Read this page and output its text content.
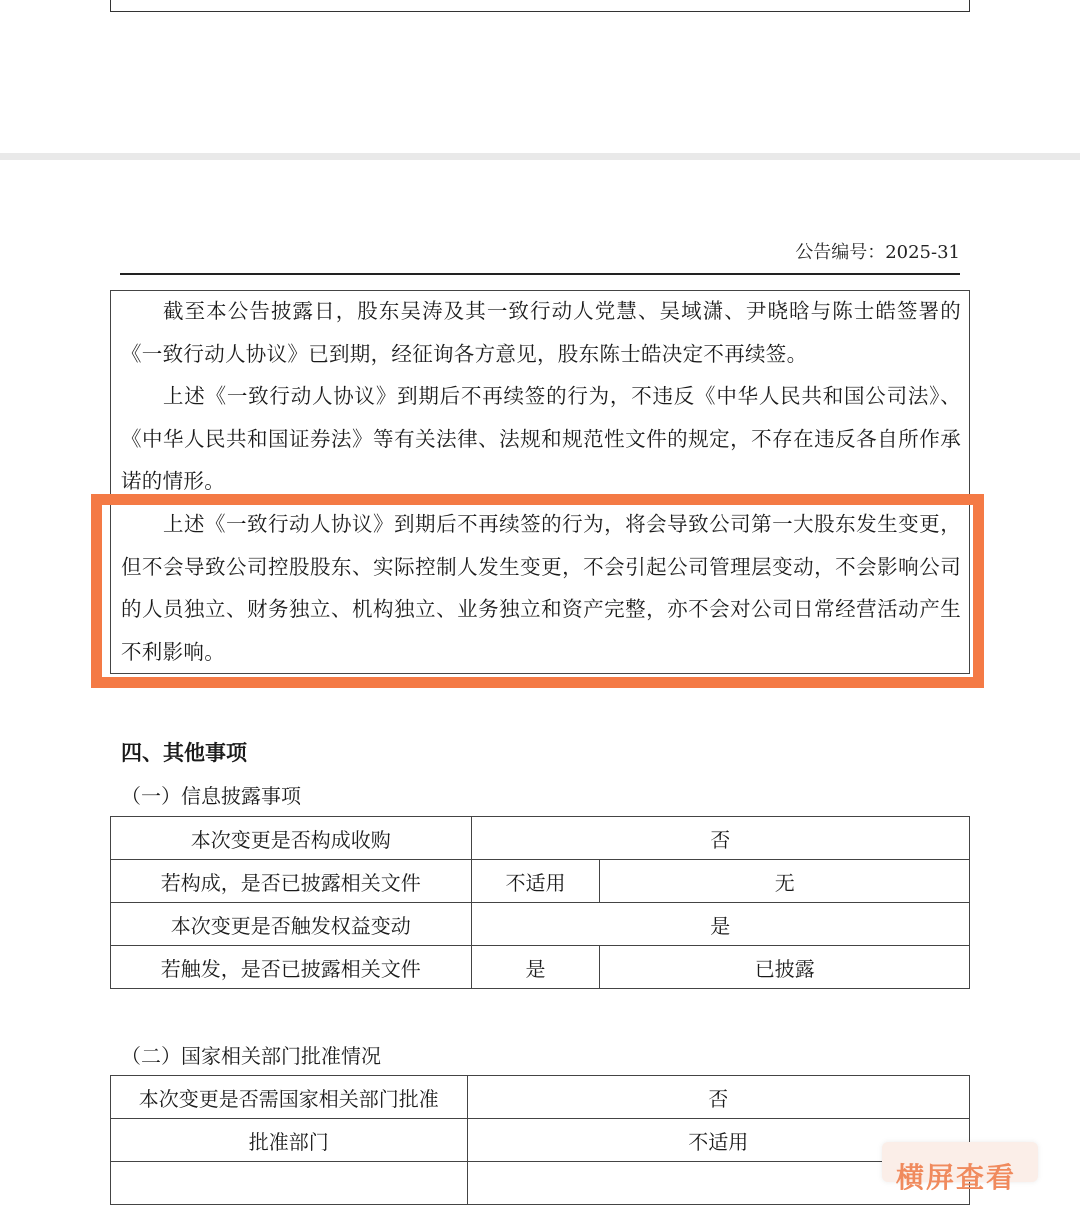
公告编号：2025-31

截至本公告披露日，股东吴涛及其一致行动人党慧、吴域潇、尹晓晗与陈士皓签署的《一致行动人协议》已到期，经征询各方意见，股东陈士皓决定不再续签。

上述《一致行动人协议》到期后不再续签的行为，不违反《中华人民共和国公司法》、《中华人民共和国证券法》等有关法律、法规和规范性文件的规定，不存在违反各自所作承诺的情形。

上述《一致行动人协议》到期后不再续签的行为，将会导致公司第一大股东发生变更，但不会导致公司控股股东、实际控制人发生变更，不会引起公司管理层变动，不会影响公司的人员独立、财务独立、机构独立、业务独立和资产完整，亦不会对公司日常经营活动产生不利影响。

四、其他事项
（一）信息披露事项
本次变更是否构成收购	否	
若构成，是否已披露相关文件	不适用	无
本次变更是否触发权益变动	是	
若触发，是否已披露相关文件	是	已披露
（二）国家相关部门批准情况
本次变更是否需国家相关部门批准	否
批准部门	不适用

横屏查看
